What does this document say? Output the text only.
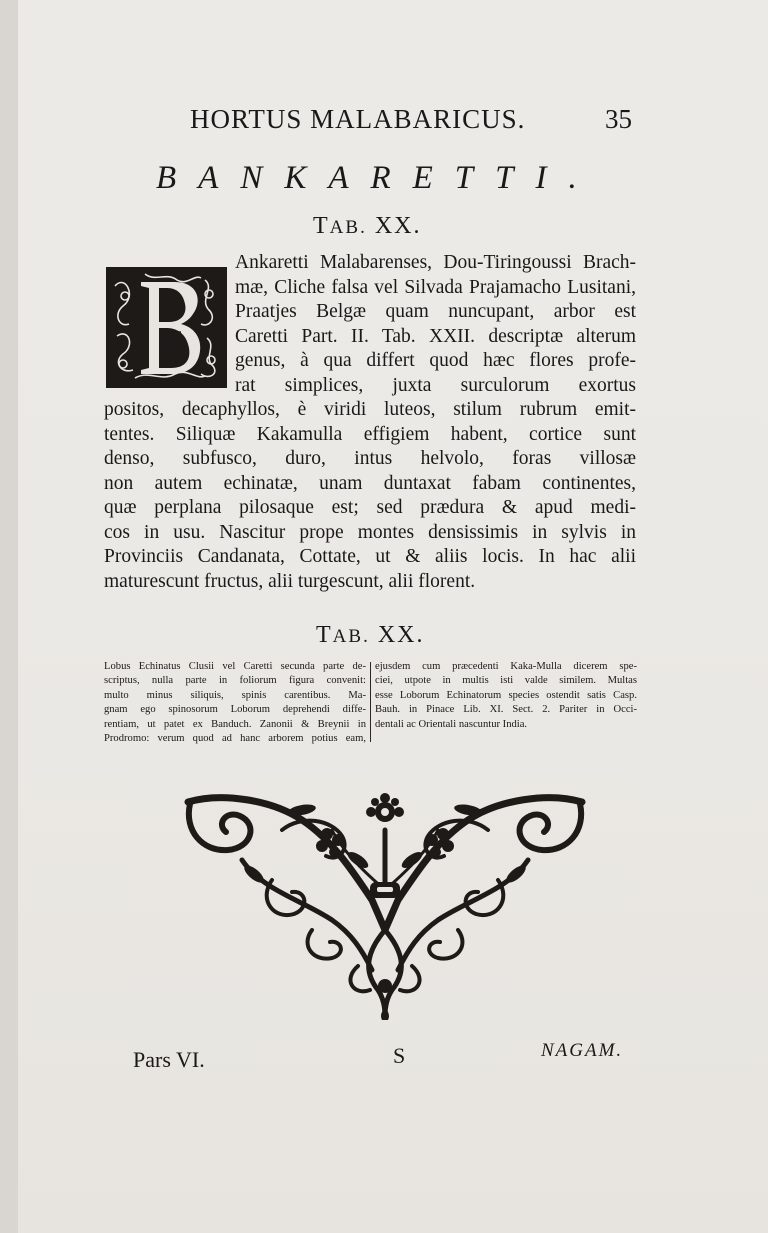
HORTUS MALABARICUS.	35
BANKARETTI.
TAB. XX.
Ankaretti Malabarenses, Dou-Tiringoussi Brach-
mæ, Cliche falsa vel Silvada Prajamacho Lusitani,
Praatjes Belgæ quam nuncupant, arbor est
Caretti Part. II. Tab. XXII. descriptæ alterum
genus, à qua differt quod hæc flores profe-
rat simplices, juxta surculorum exortus
positos, decaphyllos, è viridi luteos, stilum rubrum emit-
tentes. Siliquæ Kakamulla effigiem habent, cortice sunt
denso, subfusco, duro, intus helvolo, foras villosæ
non autem echinatæ, unam duntaxat fabam continentes,
quæ perplana pilosaque est; sed prædura & apud medi-
cos in usu. Nascitur prope montes densissimis in sylvis in
Provinciis Candanata, Cottate, ut & aliis locis. In hac alii
maturescunt fructus, alii turgescunt, alii florent.
TAB. XX.
Lobus Echinatus Clusii vel Caretti secunda parte de-
scriptus, nulla parte in foliorum figura convenit:
multo minus siliquis, spinis carentibus. Ma-
gnam ego spinosorum Loborum deprehendi diffe-
rentiam, ut patet ex Banduch. Zanonii & Breynii in
Prodromo: verum quod ad hanc arborem potius eam,
ejusdem cum præcedenti Kaka-Mulla dicerem spe-
ciei, utpote in multis isti valde similem. Multas
esse Loborum Echinatorum species ostendit satis Casp.
Bauh. in Pinace Lib. XI. Sect. 2. Pariter in Occi-
dentali ac Orientali nascuntur India.
Pars VI.	S	NAGAM.
